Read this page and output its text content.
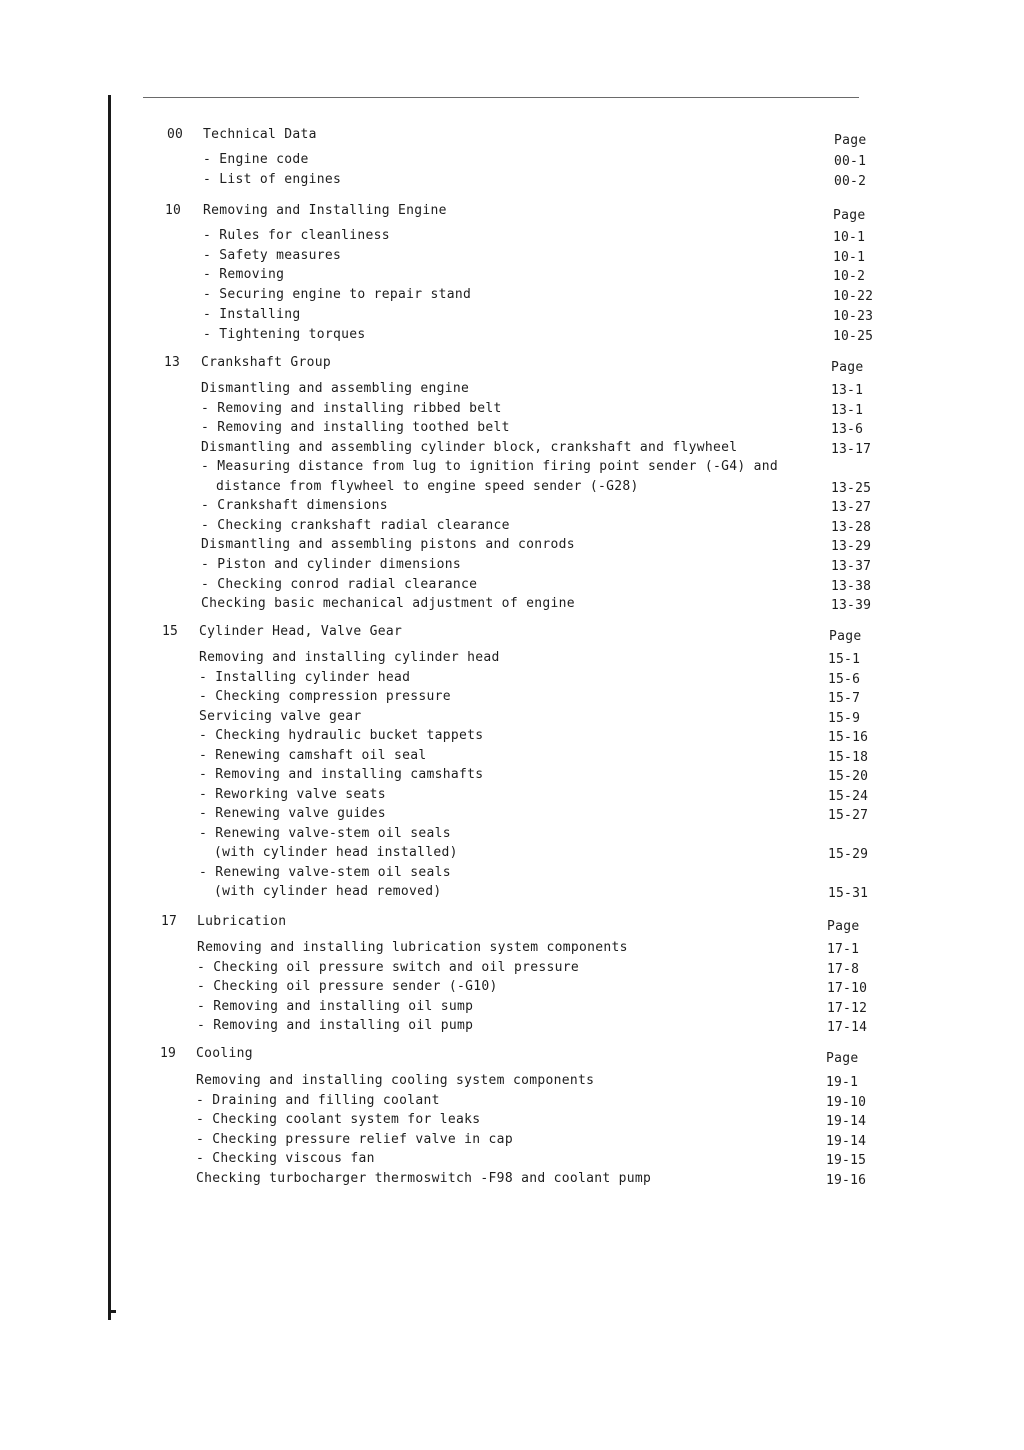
00 Technical Data	Page
- Engine code	00-1
- List of engines	00-2
10 Removing and Installing Engine	Page
- Rules for cleanliness	10-1
- Safety measures	10-1
- Removing	10-2
- Securing engine to repair stand	10-22
- Installing	10-23
- Tightening torques	10-25
13 Crankshaft Group	Page
Dismantling and assembling engine	13-1
- Removing and installing ribbed belt	13-1
- Removing and installing toothed belt	13-6
Dismantling and assembling cylinder block, crankshaft and flywheel	13-17
- Measuring distance from lug to ignition firing point sender (-G4) and
distance from flywheel to engine speed sender (-G28)	13-25
- Crankshaft dimensions	13-27
- Checking crankshaft radial clearance	13-28
Dismantling and assembling pistons and conrods	13-29
- Piston and cylinder dimensions	13-37
- Checking conrod radial clearance	13-38
Checking basic mechanical adjustment of engine	13-39
15 Cylinder Head, Valve Gear	Page
Removing and installing cylinder head	15-1
- Installing cylinder head	15-6
- Checking compression pressure	15-7
Servicing valve gear	15-9
- Checking hydraulic bucket tappets	15-16
- Renewing camshaft oil seal	15-18
- Removing and installing camshafts	15-20
- Reworking valve seats	15-24
- Renewing valve guides	15-27
- Renewing valve-stem oil seals
(with cylinder head installed)	15-29
- Renewing valve-stem oil seals
(with cylinder head removed)	15-31
17 Lubrication	Page
Removing and installing lubrication system components	17-1
- Checking oil pressure switch and oil pressure	17-8
- Checking oil pressure sender (-G10)	17-10
- Removing and installing oil sump	17-12
- Removing and installing oil pump	17-14
19 Cooling	Page
Removing and installing cooling system components	19-1
- Draining and filling coolant	19-10
- Checking coolant system for leaks	19-14
- Checking pressure relief valve in cap	19-14
- Checking viscous fan	19-15
Checking turbocharger thermoswitch -F98 and coolant pump	19-16
